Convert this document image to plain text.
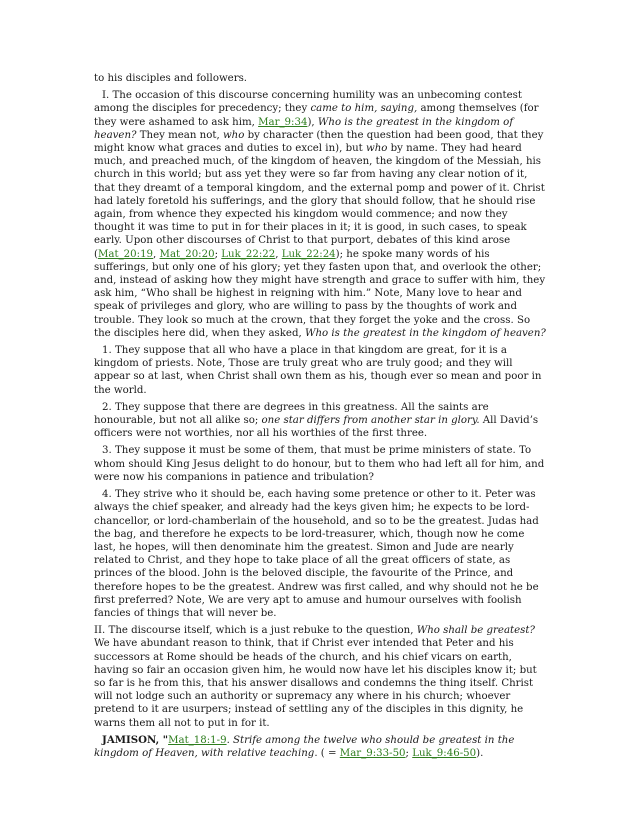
to his disciples and followers.

I. The occasion of this discourse concerning humility was an unbecoming contest among the disciples for precedency; they came to him, saying, among themselves (for they were ashamed to ask him, Mar_9:34), Who is the greatest in the kingdom of heaven? They mean not, who by character (then the question had been good, that they might know what graces and duties to excel in), but who by name. They had heard much, and preached much, of the kingdom of heaven, the kingdom of the Messiah, his church in this world; but ass yet they were so far from having any clear notion of it, that they dreamt of a temporal kingdom, and the external pomp and power of it. Christ had lately foretold his sufferings, and the glory that should follow, that he should rise again, from whence they expected his kingdom would commence; and now they thought it was time to put in for their places in it; it is good, in such cases, to speak early. Upon other discourses of Christ to that purport, debates of this kind arose (Mat_20:19, Mat_20:20; Luk_22:22, Luk_22:24); he spoke many words of his sufferings, but only one of his glory; yet they fasten upon that, and overlook the other; and, instead of asking how they might have strength and grace to suffer with him, they ask him, “Who shall be highest in reigning with him.” Note, Many love to hear and speak of privileges and glory, who are willing to pass by the thoughts of work and trouble. They look so much at the crown, that they forget the yoke and the cross. So the disciples here did, when they asked, Who is the greatest in the kingdom of heaven?

1. They suppose that all who have a place in that kingdom are great, for it is a kingdom of priests. Note, Those are truly great who are truly good; and they will appear so at last, when Christ shall own them as his, though ever so mean and poor in the world.

2. They suppose that there are degrees in this greatness. All the saints are honourable, but not all alike so; one star differs from another star in glory. All David’s officers were not worthies, nor all his worthies of the first three.

3. They suppose it must be some of them, that must be prime ministers of state. To whom should King Jesus delight to do honour, but to them who had left all for him, and were now his companions in patience and tribulation?

4. They strive who it should be, each having some pretence or other to it. Peter was always the chief speaker, and already had the keys given him; he expects to be lord-chancellor, or lord-chamberlain of the household, and so to be the greatest. Judas had the bag, and therefore he expects to be lord-treasurer, which, though now he come last, he hopes, will then denominate him the greatest. Simon and Jude are nearly related to Christ, and they hope to take place of all the great officers of state, as princes of the blood. John is the beloved disciple, the favourite of the Prince, and therefore hopes to be the greatest. Andrew was first called, and why should not he be first preferred? Note, We are very apt to amuse and humour ourselves with foolish fancies of things that will never be.

II. The discourse itself, which is a just rebuke to the question, Who shall be greatest? We have abundant reason to think, that if Christ ever intended that Peter and his successors at Rome should be heads of the church, and his chief vicars on earth, having so fair an occasion given him, he would now have let his disciples know it; but so far is he from this, that his answer disallows and condemns the thing itself. Christ will not lodge such an authority or supremacy any where in his church; whoever pretend to it are usurpers; instead of settling any of the disciples in this dignity, he warns them all not to put in for it.

JAMISON, "Mat_18:1-9. Strife among the twelve who should be greatest in the kingdom of Heaven, with relative teaching. ( = Mar_9:33-50; Luk_9:46-50).
